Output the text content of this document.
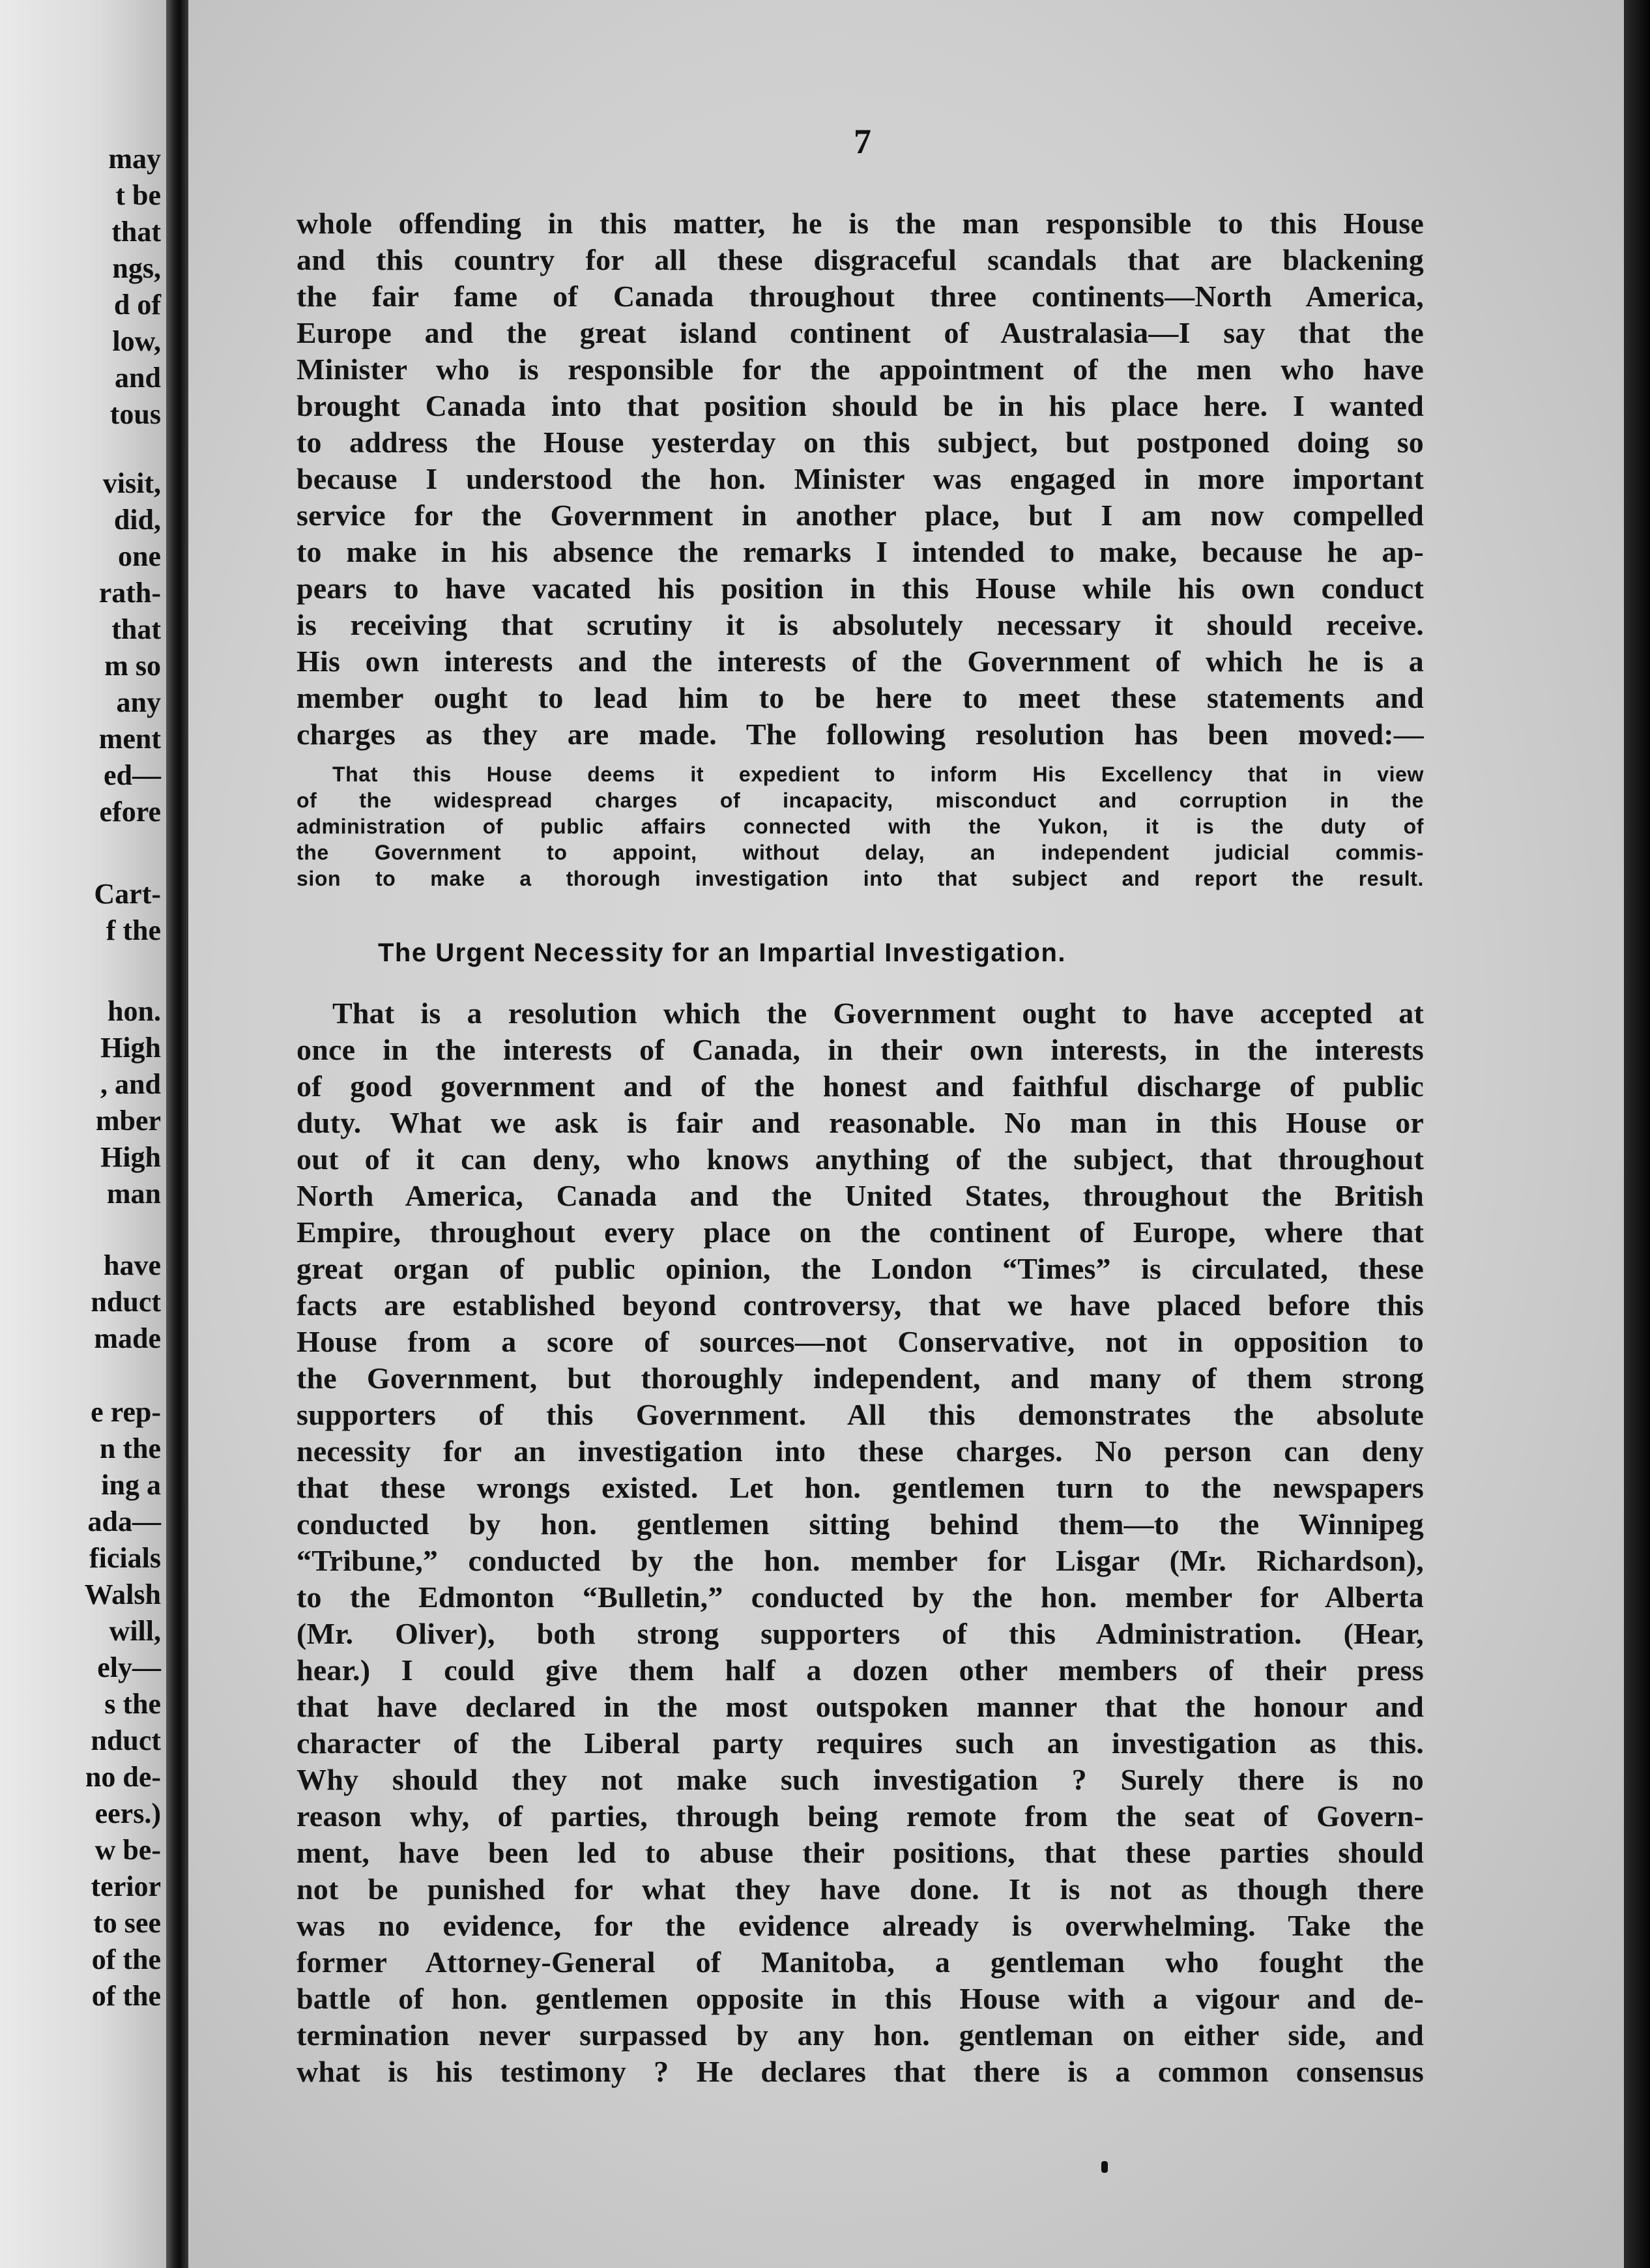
may
t be
that
ngs,
d of
low,
and
tous
visit,
did,
one
rath-
that
m so
any
ment
ed—
efore
Cart-
f the
hon.
High
, and
mber
High
man
have
nduct
made
e rep-
n the
ing a
ada—
ficials
Walsh
will,
ely—
s the
nduct
no de-
eers.)
w be-
terior
to see
of the
of the
7
whole offending in this matter, he is the man responsible to this House
and this country for all these disgraceful scandals that are blackening
the fair fame of Canada throughout three continents—North America,
Europe and the great island continent of Australasia—I say that the
Minister who is responsible for the appointment of the men who have
brought Canada into that position should be in his place here. I wanted
to address the House yesterday on this subject, but postponed doing so
because I understood the hon. Minister was engaged in more important
service for the Government in another place, but I am now compelled
to make in his absence the remarks I intended to make, because he ap-
pears to have vacated his position in this House while his own conduct
is receiving that scrutiny it is absolutely necessary it should receive.
His own interests and the interests of the Government of which he is a
member ought to lead him to be here to meet these statements and
charges as they are made. The following resolution has been moved:—
That this House deems it expedient to inform His Excellency that in view
of the widespread charges of incapacity, misconduct and corruption in the
administration of public affairs connected with the Yukon, it is the duty of
the Government to appoint, without delay, an independent judicial commis-
sion to make a thorough investigation into that subject and report the result.
The Urgent Necessity for an Impartial Investigation.
That is a resolution which the Government ought to have accepted at
once in the interests of Canada, in their own interests, in the interests
of good government and of the honest and faithful discharge of public
duty. What we ask is fair and reasonable. No man in this House or
out of it can deny, who knows anything of the subject, that throughout
North America, Canada and the United States, throughout the British
Empire, throughout every place on the continent of Europe, where that
great organ of public opinion, the London “Times” is circulated, these
facts are established beyond controversy, that we have placed before this
House from a score of sources—not Conservative, not in opposition to
the Government, but thoroughly independent, and many of them strong
supporters of this Government. All this demonstrates the absolute
necessity for an investigation into these charges. No person can deny
that these wrongs existed. Let hon. gentlemen turn to the newspapers
conducted by hon. gentlemen sitting behind them—to the Winnipeg
“Tribune,” conducted by the hon. member for Lisgar (Mr. Richardson),
to the Edmonton “Bulletin,” conducted by the hon. member for Alberta
(Mr. Oliver), both strong supporters of this Administration. (Hear,
hear.) I could give them half a dozen other members of their press
that have declared in the most outspoken manner that the honour and
character of the Liberal party requires such an investigation as this.
Why should they not make such investigation ? Surely there is no
reason why, of parties, through being remote from the seat of Govern-
ment, have been led to abuse their positions, that these parties should
not be punished for what they have done. It is not as though there
was no evidence, for the evidence already is overwhelming. Take the
former Attorney-General of Manitoba, a gentleman who fought the
battle of hon. gentlemen opposite in this House with a vigour and de-
termination never surpassed by any hon. gentleman on either side, and
what is his testimony ? He declares that there is a common consensus
